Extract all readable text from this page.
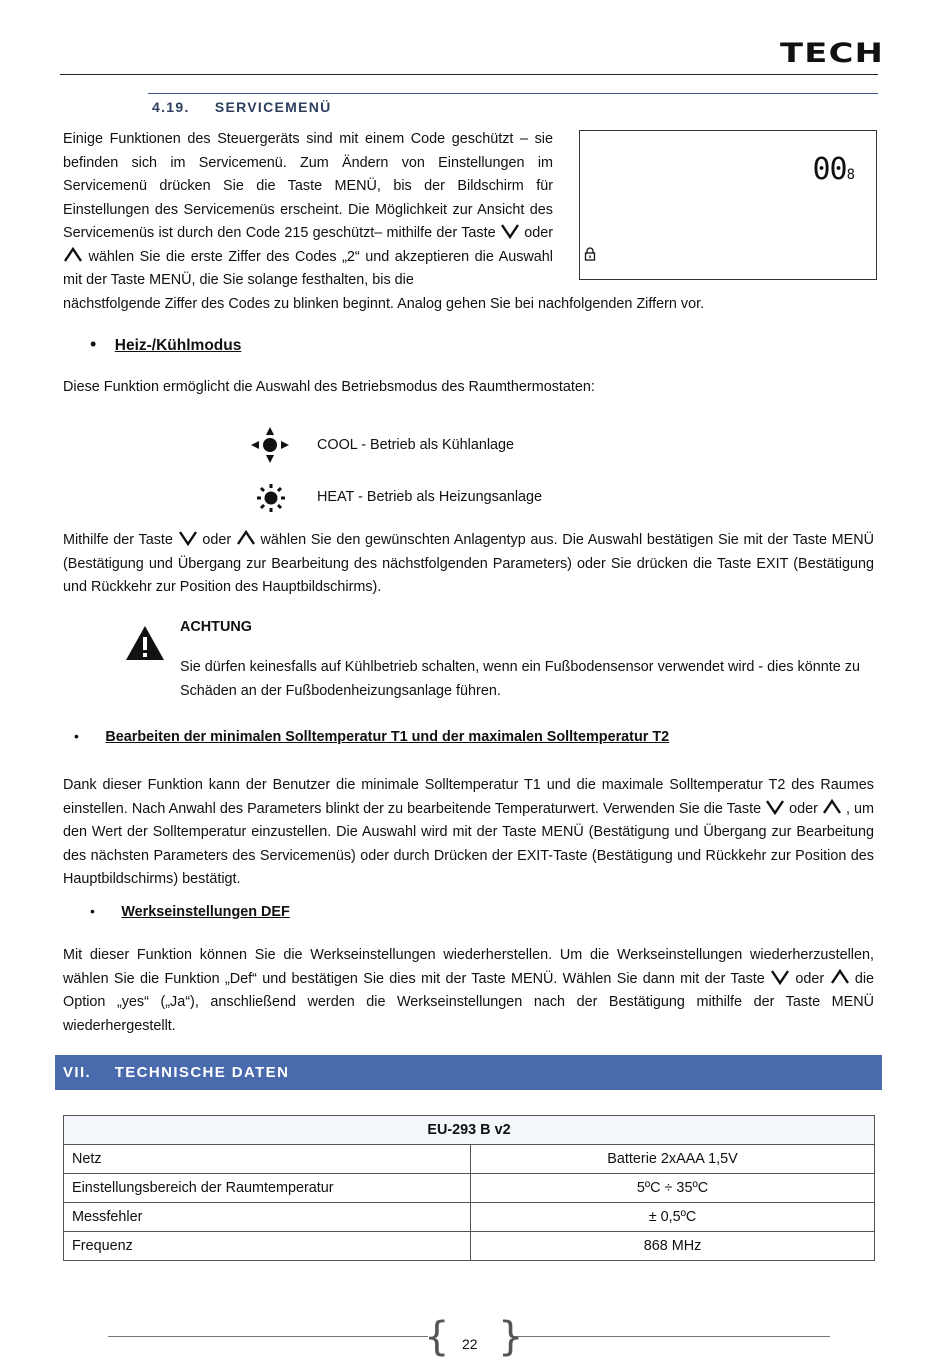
TECH
4.19. SERVICEMENÜ
Einige Funktionen des Steuergeräts sind mit einem Code geschützt – sie befinden sich im Servicemenü. Zum Ändern von Einstellungen im Servicemenü drücken Sie die Taste MENÜ, bis der Bildschirm für Einstellungen des Servicemenüs erscheint. Die Möglichkeit zur Ansicht des Servicemenüs ist durch den Code 215 geschützt– mithilfe der Taste oder  wählen Sie die erste Ziffer des Codes „2“ und akzeptieren die Auswahl mit der Taste MENÜ, die Sie solange festhalten, bis die
nächstfolgende Ziffer des Codes zu blinken beginnt. Analog gehen Sie bei nachfolgenden Ziffern vor.
008
• Heiz-/Kühlmodus
Diese Funktion ermöglicht die Auswahl des Betriebsmodus des Raumthermostaten:
COOL - Betrieb als Kühlanlage
HEAT - Betrieb als Heizungsanlage
Mithilfe der Taste oder wählen Sie den gewünschten Anlagentyp aus. Die Auswahl bestätigen Sie mit der Taste MENÜ (Bestätigung und Übergang zur Bearbeitung des nächstfolgenden Parameters) oder Sie drücken die Taste EXIT (Bestätigung und Rückkehr zur Position des Hauptbildschirms).
ACHTUNG
Sie dürfen keinesfalls auf Kühlbetrieb schalten, wenn ein Fußbodensensor verwendet wird - dies könnte zu Schäden an der Fußbodenheizungsanlage führen.
• Bearbeiten der minimalen Solltemperatur T1 und der maximalen Solltemperatur T2
Dank dieser Funktion kann der Benutzer die minimale Solltemperatur T1 und die maximale Solltemperatur T2 des Raumes einstellen. Nach Anwahl des Parameters blinkt der zu bearbeitende Temperaturwert. Verwenden Sie die Taste oder , um den Wert der Solltemperatur einzustellen. Die Auswahl wird mit der Taste MENÜ (Bestätigung und Übergang zur Bearbeitung des nächsten Parameters des Servicemenüs) oder durch Drücken der EXIT-Taste (Bestätigung und Rückkehr zur Position des Hauptbildschirms) bestätigt.
• Werkseinstellungen DEF
Mit dieser Funktion können Sie die Werkseinstellungen wiederherstellen. Um die Werkseinstellungen wiederherzustellen, wählen Sie die Funktion „Def“ und bestätigen Sie dies mit der Taste MENÜ. Wählen Sie dann mit der Taste oder die Option „yes“ („Ja“), anschließend werden die Werkseinstellungen nach der Bestätigung mithilfe der Taste MENÜ wiederhergestellt.
VII. TECHNISCHE DATEN
EU-293 B v2	
Netz	Batterie 2xAAA 1,5V
Einstellungsbereich der Raumtemperatur	5ºC ÷ 35ºC
Messfehler	± 0,5ºC
Frequenz	868 MHz
{ }
22
